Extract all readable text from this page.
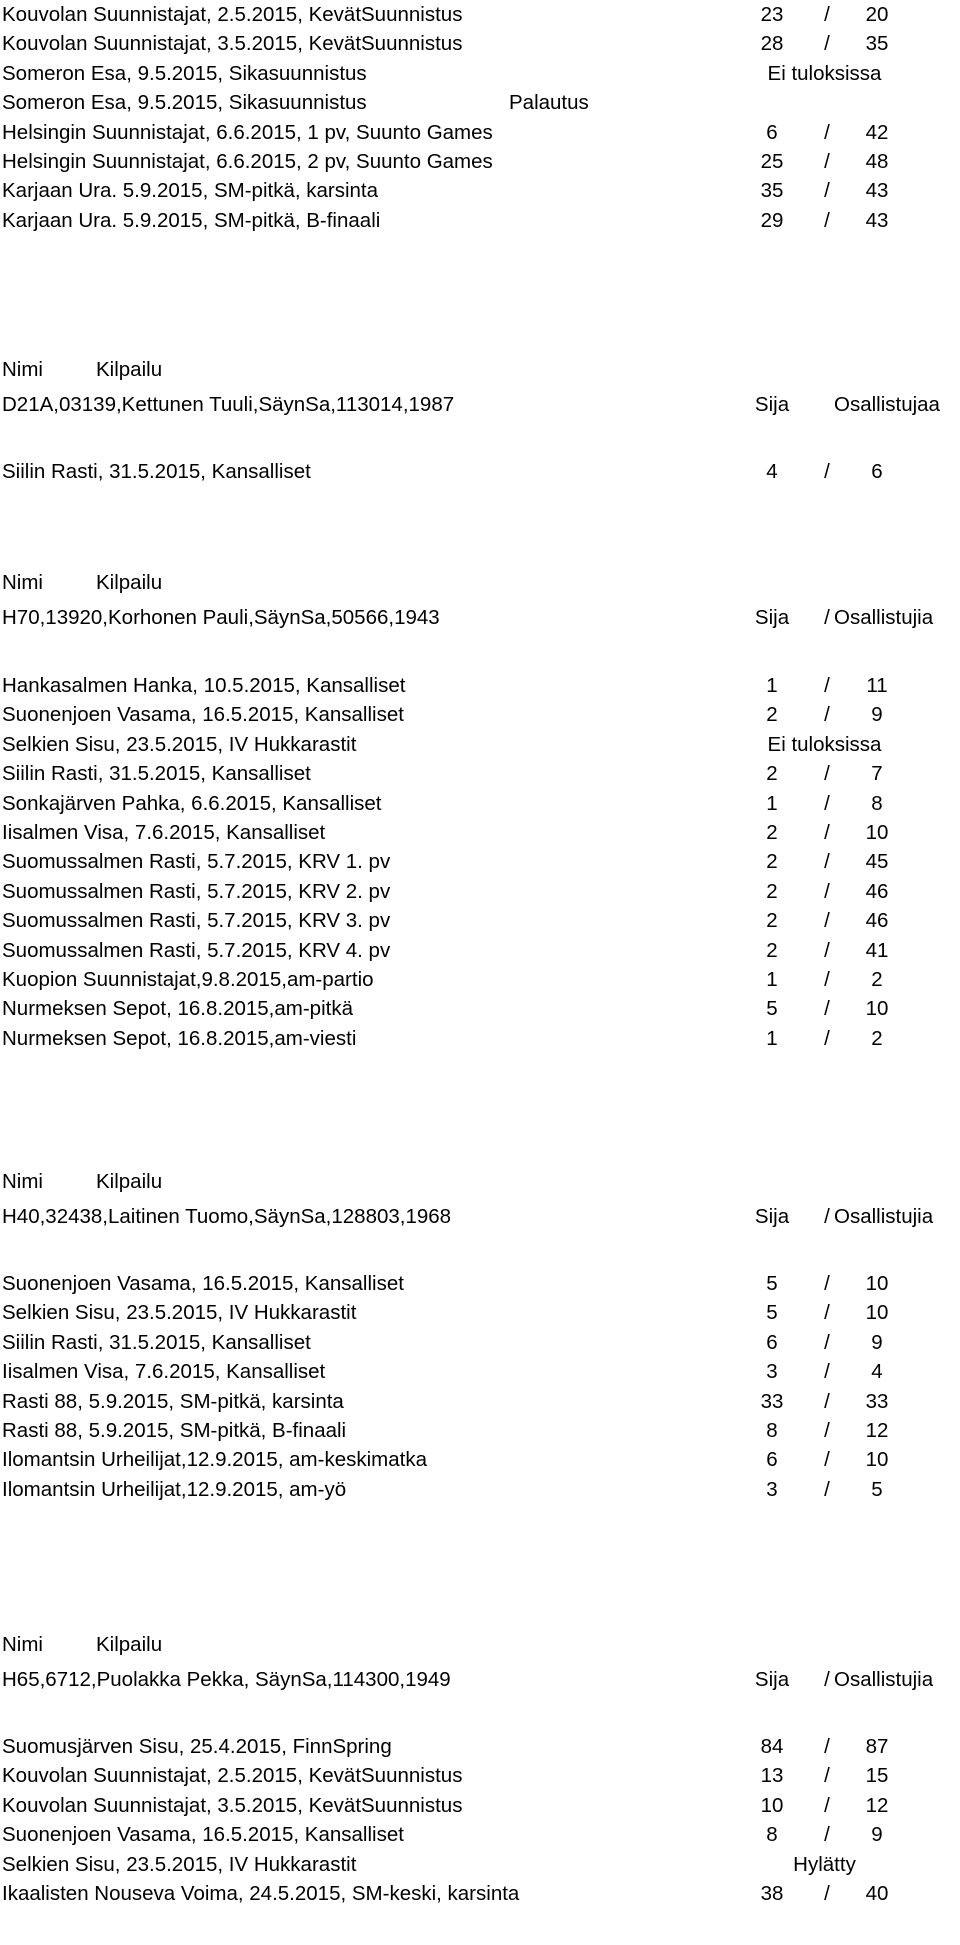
Kouvolan Suunnistajat, 2.5.2015, KevätSuunnistus	23	/	20
Kouvolan Suunnistajat, 3.5.2015, KevätSuunnistus	28	/	35
Someron Esa, 9.5.2015, Sikasuunnistus	Ei tuloksissa
Someron Esa, 9.5.2015, Sikasuunnistus	Palautus
Helsingin Suunnistajat, 6.6.2015, 1 pv, Suunto Games	6	/	42
Helsingin Suunnistajat, 6.6.2015, 2 pv, Suunto Games	25	/	48
Karjaan Ura. 5.9.2015, SM-pitkä, karsinta	35	/	43
Karjaan Ura. 5.9.2015, SM-pitkä, B-finaali	29	/	43
Nimi	Kilpailu
D21A,03139,Kettunen Tuuli,SäynSa,113014,1987	Sija	Osallistujaa
Siilin Rasti, 31.5.2015, Kansalliset	4	/	6
Nimi	Kilpailu
H70,13920,Korhonen Pauli,SäynSa,50566,1943	Sija	/ Osallistujia
Hankasalmen Hanka, 10.5.2015, Kansalliset	1	/	11
Suonenjoen Vasama, 16.5.2015, Kansalliset	2	/	9
Selkien Sisu, 23.5.2015, IV Hukkarastit	Ei tuloksissa
Siilin Rasti, 31.5.2015, Kansalliset	2	/	7
Sonkajärven Pahka, 6.6.2015, Kansalliset	1	/	8
Iisalmen Visa, 7.6.2015, Kansalliset	2	/	10
Suomussalmen Rasti, 5.7.2015, KRV 1. pv	2	/	45
Suomussalmen Rasti, 5.7.2015, KRV 2. pv	2	/	46
Suomussalmen Rasti, 5.7.2015, KRV 3. pv	2	/	46
Suomussalmen Rasti, 5.7.2015, KRV 4. pv	2	/	41
Kuopion Suunnistajat,9.8.2015,am-partio	1	/	2
Nurmeksen Sepot, 16.8.2015,am-pitkä	5	/	10
Nurmeksen Sepot, 16.8.2015,am-viesti	1	/	2
Nimi	Kilpailu
H40,32438,Laitinen Tuomo,SäynSa,128803,1968	Sija	/ Osallistujia
Suonenjoen Vasama, 16.5.2015, Kansalliset	5	/	10
Selkien Sisu, 23.5.2015, IV Hukkarastit	5	/	10
Siilin Rasti, 31.5.2015, Kansalliset	6	/	9
Iisalmen Visa, 7.6.2015, Kansalliset	3	/	4
Rasti 88, 5.9.2015, SM-pitkä, karsinta	33	/	33
Rasti 88, 5.9.2015, SM-pitkä, B-finaali	8	/	12
Ilomantsin Urheilijat,12.9.2015, am-keskimatka	6	/	10
Ilomantsin Urheilijat,12.9.2015, am-yö	3	/	5
Nimi	Kilpailu
H65,6712,Puolakka Pekka, SäynSa,114300,1949	Sija	/ Osallistujia
Suomusjärven Sisu, 25.4.2015, FinnSpring	84	/	87
Kouvolan Suunnistajat, 2.5.2015, KevätSuunnistus	13	/	15
Kouvolan Suunnistajat, 3.5.2015, KevätSuunnistus	10	/	12
Suonenjoen Vasama, 16.5.2015, Kansalliset	8	/	9
Selkien Sisu, 23.5.2015, IV Hukkarastit	Hylätty
Ikaalisten Nouseva Voima, 24.5.2015, SM-keski, karsinta	38	/	40
